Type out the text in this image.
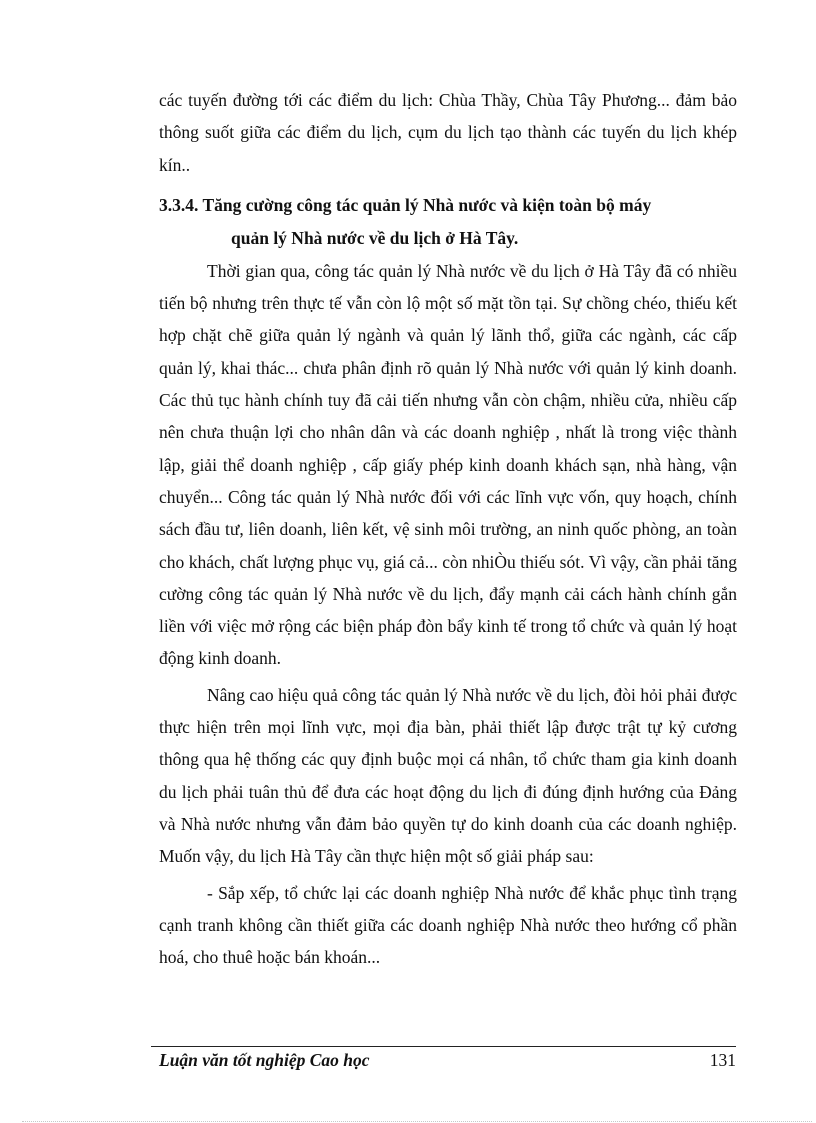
các tuyến đường tới các điểm du lịch: Chùa Thầy, Chùa Tây Phương... đảm bảo thông suốt giữa các điểm du lịch, cụm du lịch tạo thành các tuyến du lịch khép kín..

3.3.4. Tăng cường công tác quản lý Nhà nước và kiện toàn bộ máy
quản lý Nhà nước về du lịch ở Hà Tây.

Thời gian qua, công tác quản lý Nhà nước về du lịch ở Hà Tây đã có nhiều tiến bộ nhưng trên thực tế vẫn còn lộ một số mặt tồn tại. Sự chồng chéo, thiếu kết hợp chặt chẽ giữa quản lý ngành và quản lý lãnh thổ, giữa các ngành, các cấp quản lý, khai thác... chưa phân định rõ quản lý Nhà nước với quản lý kinh doanh. Các thủ tục hành chính tuy đã cải tiến nhưng vẫn còn chậm, nhiều cửa, nhiều cấp nên chưa thuận lợi cho nhân dân và các doanh nghiệp , nhất là trong việc thành lập, giải thể doanh nghiệp , cấp giấy phép kinh doanh khách sạn, nhà hàng, vận chuyển... Công tác quản lý Nhà nước đối với các lĩnh vực vốn, quy hoạch, chính sách đầu tư, liên doanh, liên kết, vệ sinh môi trường, an ninh quốc phòng, an toàn cho khách, chất lượng phục vụ, giá cả... còn nhiÒu thiếu sót. Vì vậy, cần phải tăng cường công tác quản lý Nhà nước về du lịch, đẩy mạnh cải cách hành chính gắn liền với việc mở rộng các biện pháp đòn bẩy kinh tế trong tổ chức và quản lý hoạt động kinh doanh.

Nâng cao hiệu quả công tác quản lý Nhà nước về du lịch, đòi hỏi phải được thực hiện trên mọi lĩnh vực, mọi địa bàn, phải thiết lập được trật tự kỷ cương thông qua hệ thống các quy định buộc mọi cá nhân, tổ chức tham gia kinh doanh du lịch phải tuân thủ để đưa các hoạt động du lịch đi đúng định hướng của Đảng và Nhà nước nhưng vẫn đảm bảo quyền tự do kinh doanh của các doanh nghiệp. Muốn vậy, du lịch Hà Tây cần thực hiện một số giải pháp sau:

- Sắp xếp, tổ chức lại các doanh nghiệp Nhà nước để khắc phục tình trạng cạnh tranh không cần thiết giữa các doanh nghiệp Nhà nước theo hướng cổ phần hoá, cho thuê hoặc bán khoán...

Luận văn tốt nghiệp Cao học	131
